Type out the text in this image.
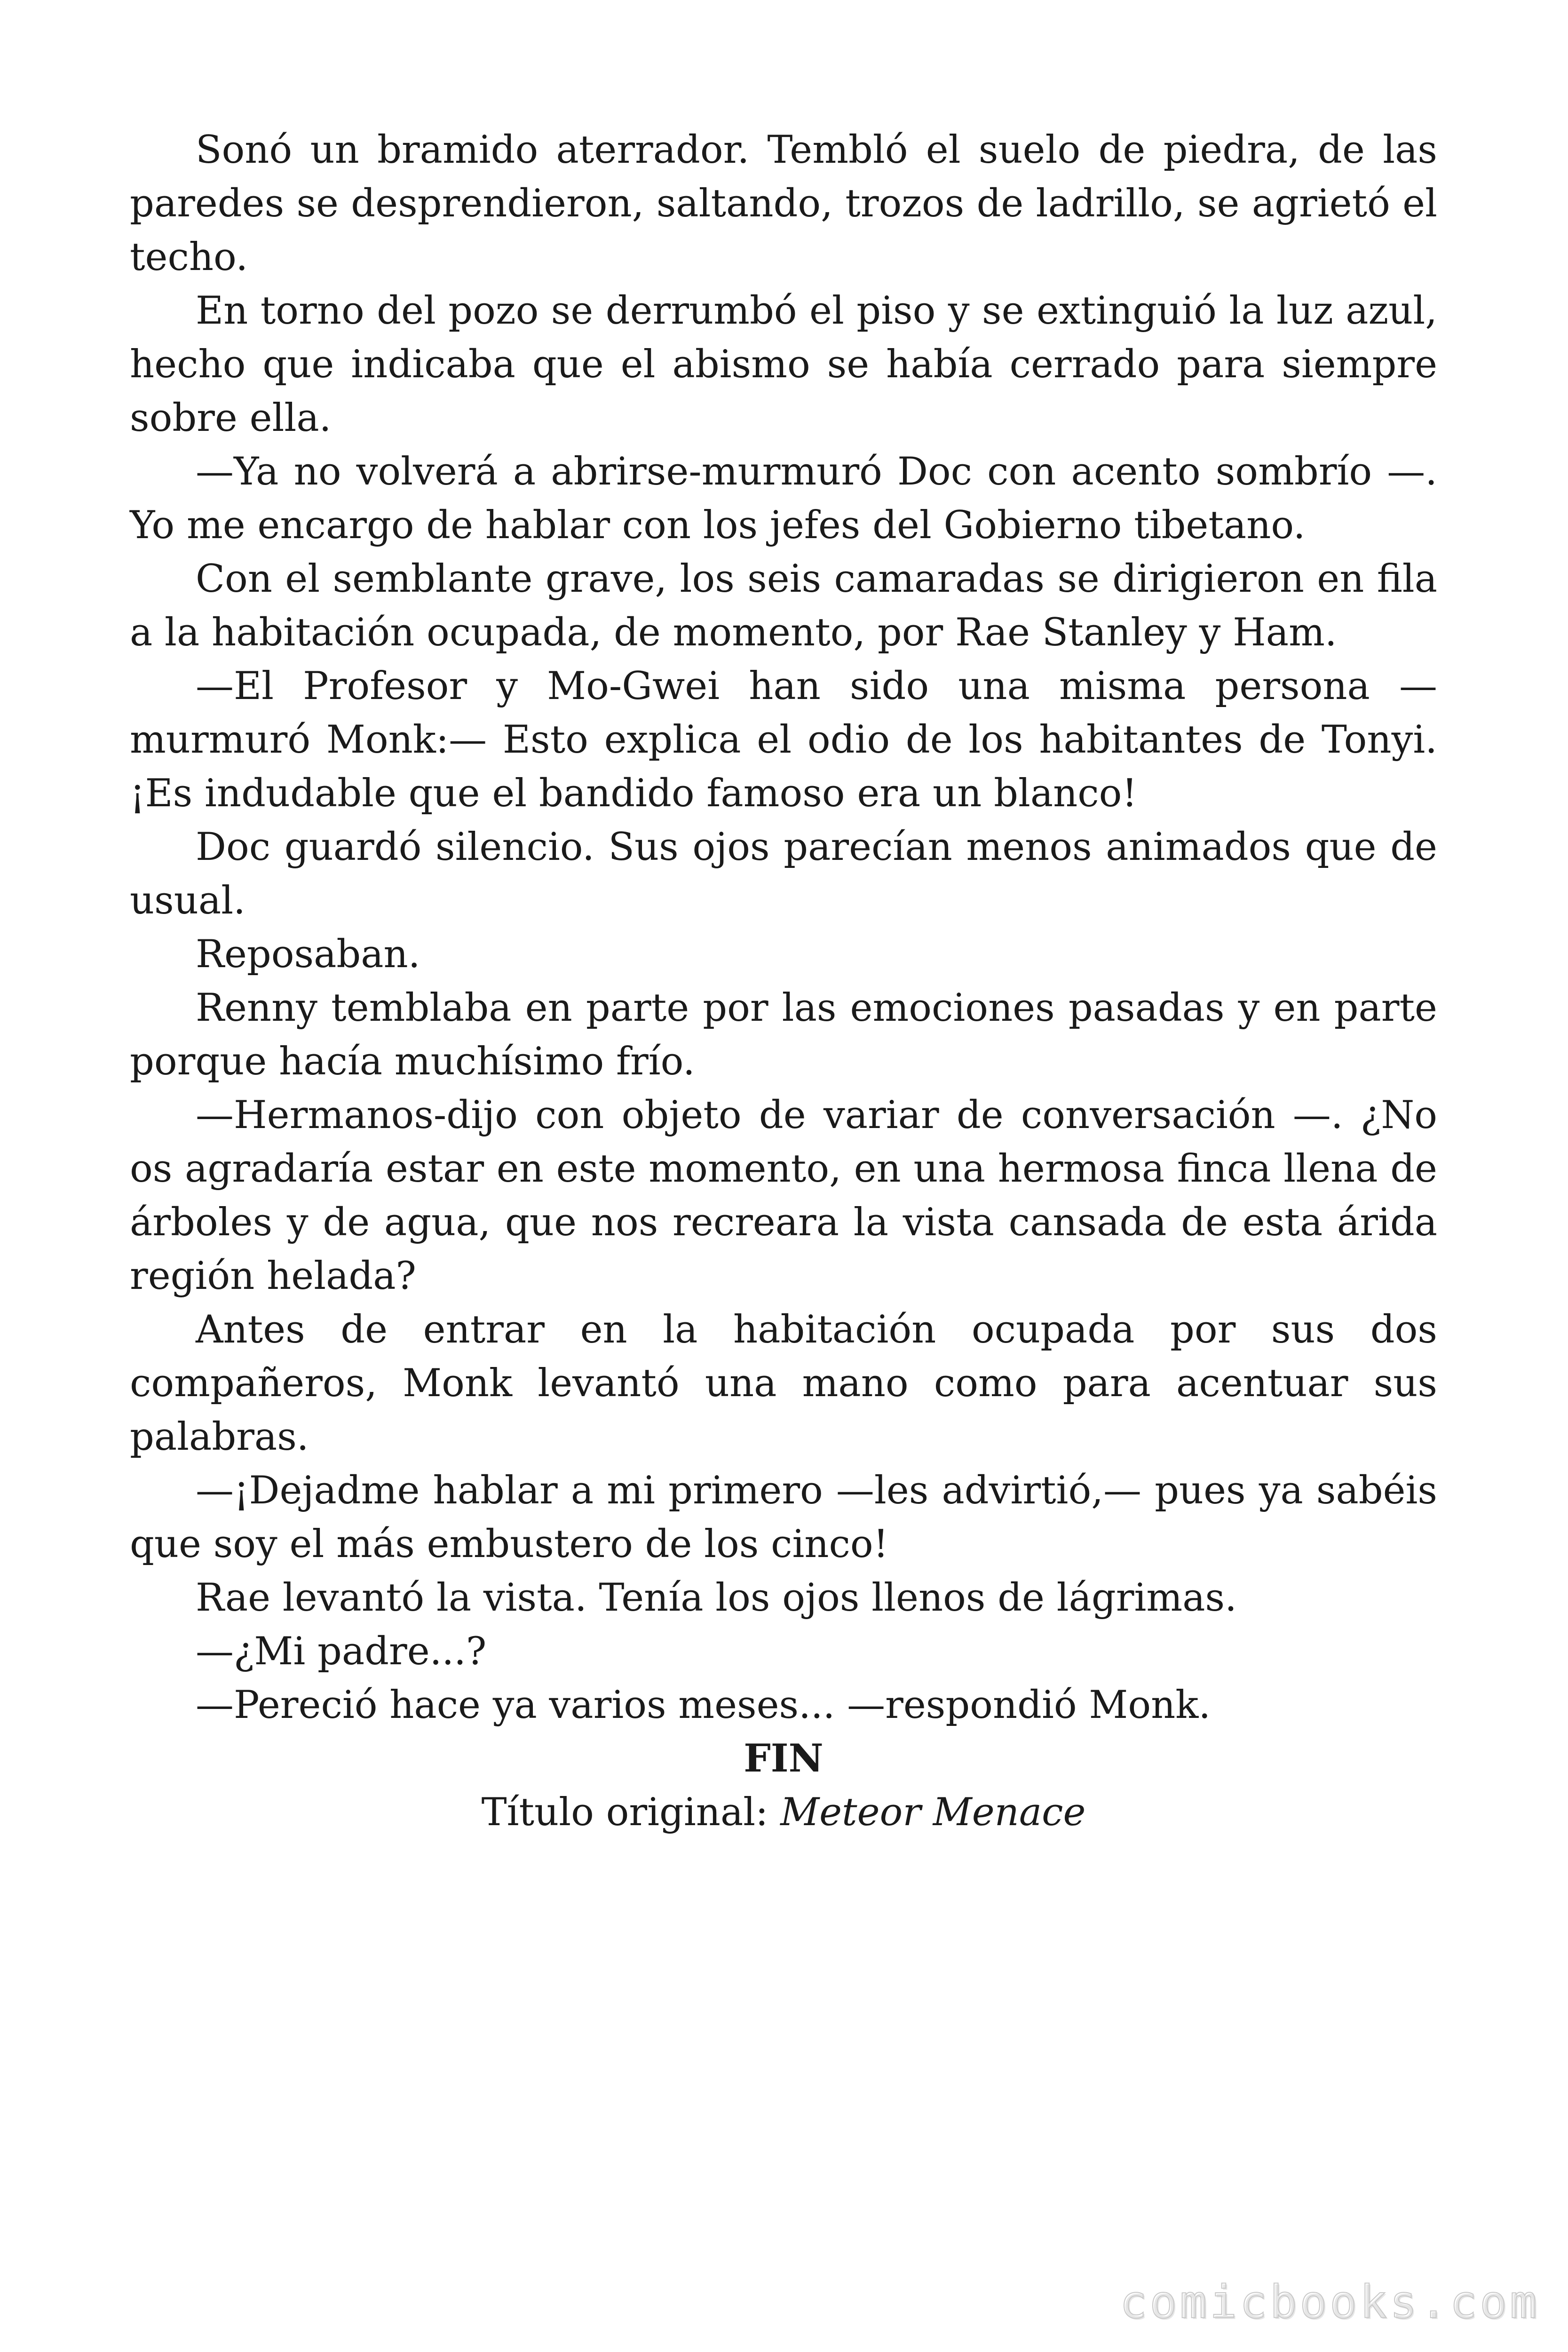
Sonó un bramido aterrador. Tembló el suelo de piedra, de las paredes se desprendieron, saltando, trozos de ladrillo, se agrietó el techo.

En torno del pozo se derrumbó el piso y se extinguió la luz azul, hecho que indicaba que el abismo se había cerrado para siempre sobre ella.

—Ya no volverá a abrirse-murmuró Doc con acento sombrío —. Yo me encargo de hablar con los jefes del Gobierno tibetano.

Con el semblante grave, los seis camaradas se dirigieron en fila a la habitación ocupada, de momento, por Rae Stanley y Ham.

—El Profesor y Mo-Gwei han sido una misma persona —murmuró Monk:— Esto explica el odio de los habitantes de Tonyi. ¡Es indudable que el bandido famoso era un blanco!

Doc guardó silencio. Sus ojos parecían menos animados que de usual.

Reposaban.

Renny temblaba en parte por las emociones pasadas y en parte porque hacía muchísimo frío.

—Hermanos-dijo con objeto de variar de conversación —. ¿No os agradaría estar en este momento, en una hermosa finca llena de árboles y de agua, que nos recreara la vista cansada de esta árida región helada?

Antes de entrar en la habitación ocupada por sus dos compañeros, Monk levantó una mano como para acentuar sus palabras.

—¡Dejadme hablar a mi primero —les advirtió,— pues ya sabéis que soy el más embustero de los cinco!

Rae levantó la vista. Tenía los ojos llenos de lágrimas.

—¿Mi padre...?

—Pereció hace ya varios meses... —respondió Monk.

FIN

Título original: Meteor Menace

comicbooks.com
